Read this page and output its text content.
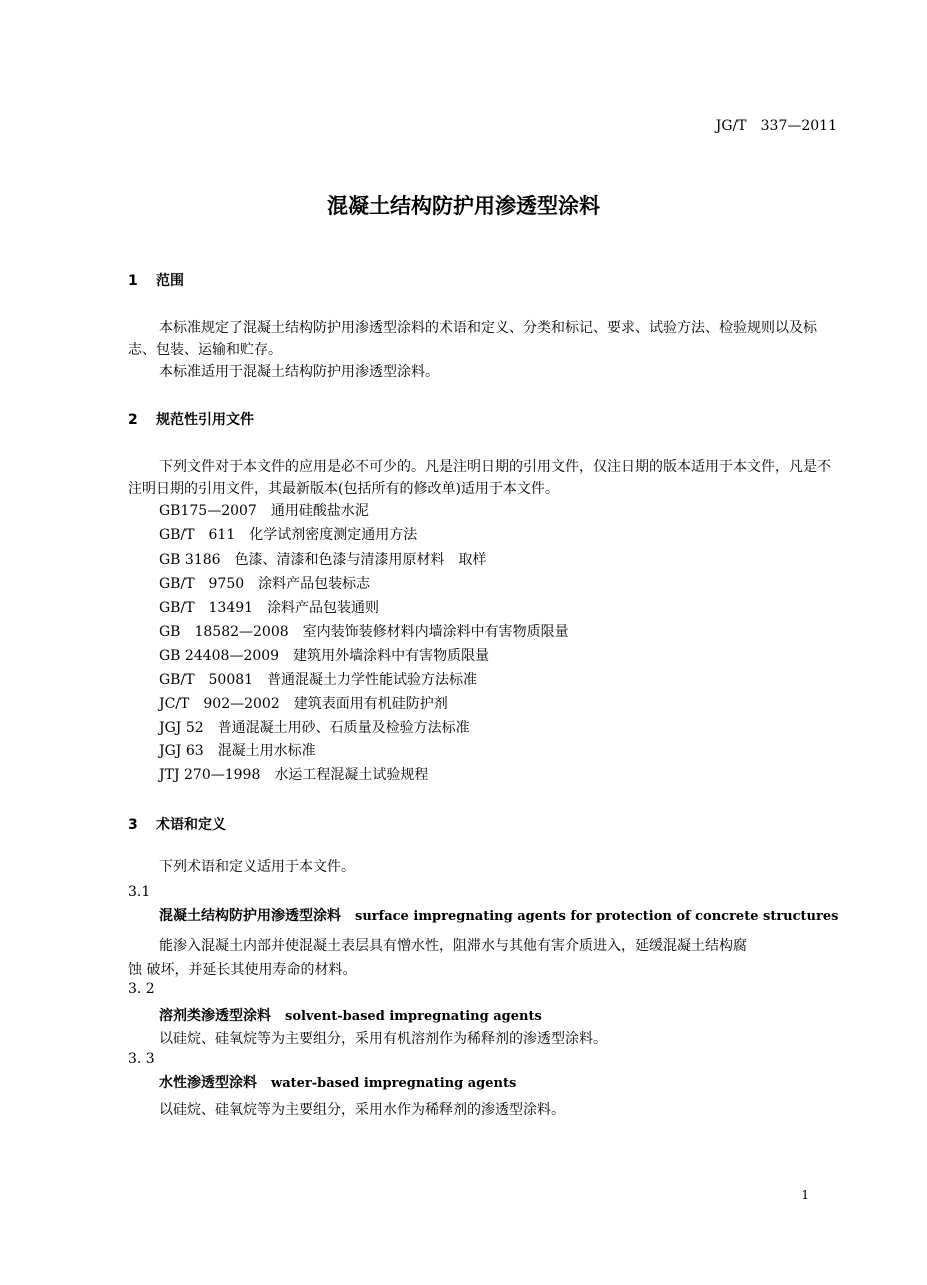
JG/T　337—2011
混凝土结构防护用渗透型涂料
1 范围
本标准规定了混凝土结构防护用渗透型涂料的术语和定义、分类和标记、要求、试验方法、检验规则以及标志、包装、运输和贮存。
本标准适用于混凝土结构防护用渗透型涂料。
2 规范性引用文件
下列文件对于本文件的应用是必不可少的。凡是注明日期的引用文件，仅注日期的版本适用于本文件，凡是不注明日期的引用文件，其最新版本(包括所有的修改单)适用于本文件。
GB175—2007 通用硅酸盐水泥
GB/T　611 化学试剂密度测定通用方法
GB 3186 色漆、清漆和色漆与清漆用原材料　取样
GB/T　9750 涂料产品包装标志
GB/T　13491 涂料产品包装通则
GB　18582—2008 室内装饰装修材料内墙涂料中有害物质限量
GB 24408—2009 建筑用外墙涂料中有害物质限量
GB/T　50081 普通混凝土力学性能试验方法标准
JC/T　902—2002 建筑表面用有机硅防护剂
JGJ 52 普通混凝土用砂、石质量及检验方法标准
JGJ 63 混凝土用水标准
JTJ 270—1998 水运工程混凝土试验规程
3 术语和定义
下列术语和定义适用于本文件。
3.1
混凝土结构防护用渗透型涂料 surface impregnating agents for protection of concrete structures
能渗入混凝土内部并使混凝土表层具有憎水性，阻滞水与其他有害介质进入，延缓混凝土结构腐
蚀 破坏，并延长其使用寿命的材料。
3. 2
溶剂类渗透型涂料 solvent-based impregnating agents
以硅烷、硅氧烷等为主要组分，采用有机溶剂作为稀释剂的渗透型涂料。
3. 3
水性渗透型涂料 water-based impregnating agents
以硅烷、硅氧烷等为主要组分，采用水作为稀释剂的渗透型涂料。
1
